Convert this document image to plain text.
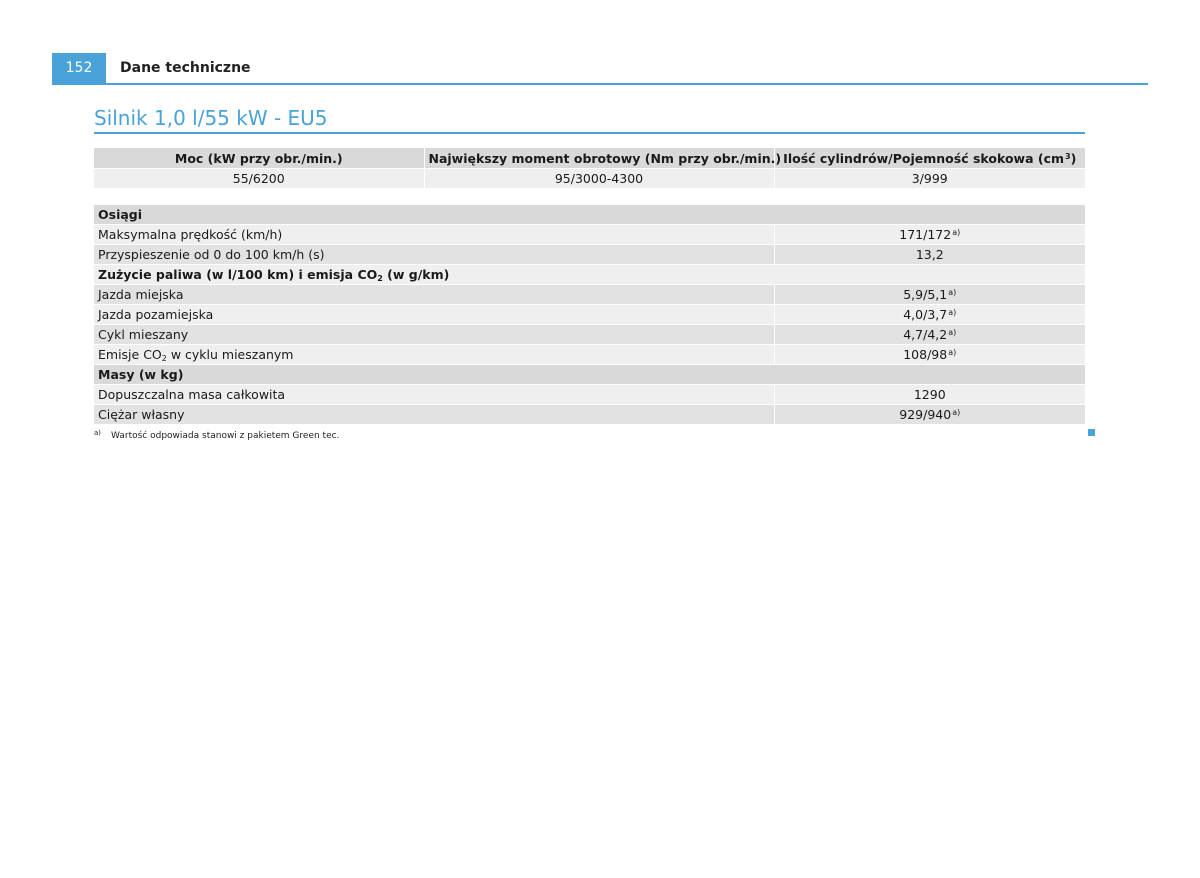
152	Dane techniczne
Silnik 1,0 l/55 kW - EU5
Moc (kW przy obr./min.)	Największy moment obrotowy (Nm przy obr./min.)	Ilość cylindrów/Pojemność skokowa $(cm^3)$
55/6200	95/3000-4300	3/999
Osiągi	
Maksymalna prędkość (km/h)	171/172$^{a)}$
Przyspieszenie od 0 do 100 km/h (s)	13,2
Zużycie paliwa (w l/100 km) i emisja $CO_2$ (w g/km)	
Jazda miejska	5,9/5,1$^{a)}$
Jazda pozamiejska	4,0/3,7$^{a)}$
Cykl mieszany	4,7/4,2$^{a)}$
Emisje $CO_2$ w cyklu mieszanym	108/98$^{a)}$
Masy (w kg)	
Dopuszczalna masa całkowita	1290
Ciężar własny	929/940$^{a)}$
$^{a)}$ Wartość odpowiada stanowi z pakietem Green tec.
